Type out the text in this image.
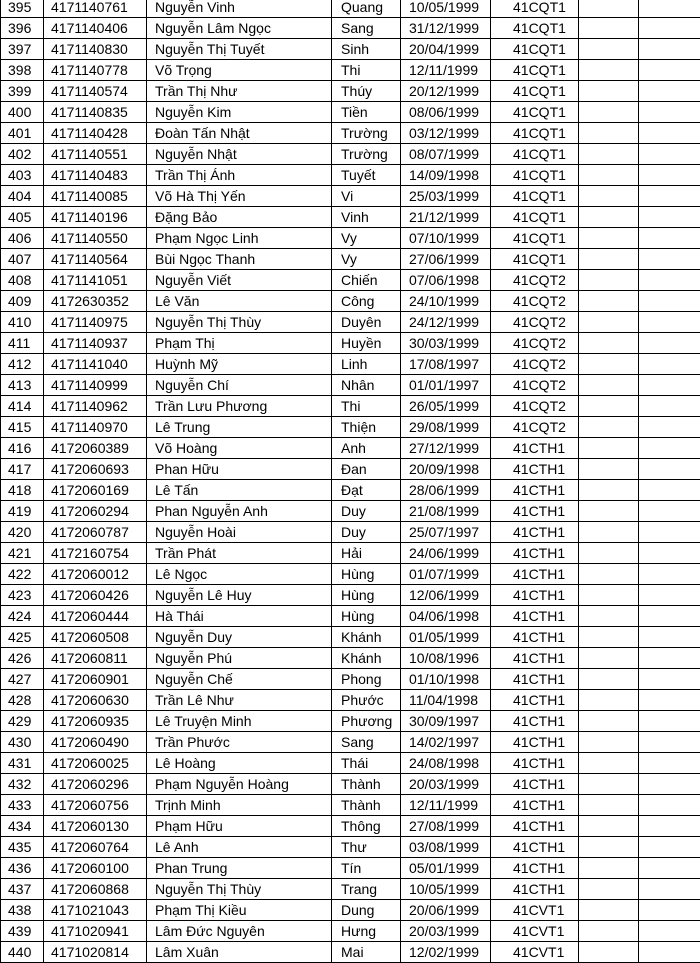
395	4171140761	Nguyễn Vinh	Quang	10/05/1999	41CQT1		
396	4171140406	Nguyễn Lâm Ngọc	Sang	31/12/1999	41CQT1		
397	4171140830	Nguyễn Thị Tuyết	Sinh	20/04/1999	41CQT1		
398	4171140778	Võ Trọng	Thi	12/11/1999	41CQT1		
399	4171140574	Trần Thị Như	Thúy	20/12/1999	41CQT1		
400	4171140835	Nguyễn Kim	Tiền	08/06/1999	41CQT1		
401	4171140428	Đoàn Tấn Nhật	Trường	03/12/1999	41CQT1		
402	4171140551	Nguyễn Nhật	Trường	08/07/1999	41CQT1		
403	4171140483	Trần Thị Ánh	Tuyết	14/09/1998	41CQT1		
404	4171140085	Võ Hà Thị Yến	Vi	25/03/1999	41CQT1		
405	4171140196	Đặng Bảo	Vinh	21/12/1999	41CQT1		
406	4171140550	Phạm Ngọc Linh	Vy	07/10/1999	41CQT1		
407	4171140564	Bùi Ngọc Thanh	Vy	27/06/1999	41CQT1		
408	4171141051	Nguyễn Viết	Chiến	07/06/1998	41CQT2		
409	4172630352	Lê Văn	Công	24/10/1999	41CQT2		
410	4171140975	Nguyễn Thị Thùy	Duyên	24/12/1999	41CQT2		
411	4171140937	Phạm Thị	Huyền	30/03/1999	41CQT2		
412	4171141040	Huỳnh Mỹ	Linh	17/08/1997	41CQT2		
413	4171140999	Nguyễn Chí	Nhân	01/01/1997	41CQT2		
414	4171140962	Trần Lưu Phương	Thi	26/05/1999	41CQT2		
415	4171140970	Lê Trung	Thiện	29/08/1999	41CQT2		
416	4172060389	Võ Hoàng	Anh	27/12/1999	41CTH1		
417	4172060693	Phan Hữu	Đan	20/09/1998	41CTH1		
418	4172060169	Lê Tấn	Đạt	28/06/1999	41CTH1		
419	4172060294	Phan Nguyễn Anh	Duy	21/08/1999	41CTH1		
420	4172060787	Nguyễn Hoài	Duy	25/07/1997	41CTH1		
421	4172160754	Trần Phát	Hải	24/06/1999	41CTH1		
422	4172060012	Lê Ngọc	Hùng	01/07/1999	41CTH1		
423	4172060426	Nguyễn Lê Huy	Hùng	12/06/1999	41CTH1		
424	4172060444	Hà Thái	Hùng	04/06/1998	41CTH1		
425	4172060508	Nguyễn Duy	Khánh	01/05/1999	41CTH1		
426	4172060811	Nguyễn Phú	Khánh	10/08/1996	41CTH1		
427	4172060901	Nguyễn Chế	Phong	01/10/1998	41CTH1		
428	4172060630	Trần Lê Như	Phước	11/04/1998	41CTH1		
429	4172060935	Lê Truyện Minh	Phương	30/09/1997	41CTH1		
430	4172060490	Trần Phước	Sang	14/02/1997	41CTH1		
431	4172060025	Lê Hoàng	Thái	24/08/1998	41CTH1		
432	4172060296	Phạm Nguyễn Hoàng	Thành	20/03/1999	41CTH1		
433	4172060756	Trịnh Minh	Thành	12/11/1999	41CTH1		
434	4172060130	Phạm Hữu	Thông	27/08/1999	41CTH1		
435	4172060764	Lê Anh	Thư	03/08/1999	41CTH1		
436	4172060100	Phan Trung	Tín	05/01/1999	41CTH1		
437	4172060868	Nguyễn Thị Thùy	Trang	10/05/1999	41CTH1		
438	4171021043	Phạm Thị Kiều	Dung	20/06/1999	41CVT1		
439	4171020941	Lâm Đức Nguyên	Hưng	20/03/1999	41CVT1		
440	4171020814	Lâm Xuân	Mai	12/02/1999	41CVT1		
